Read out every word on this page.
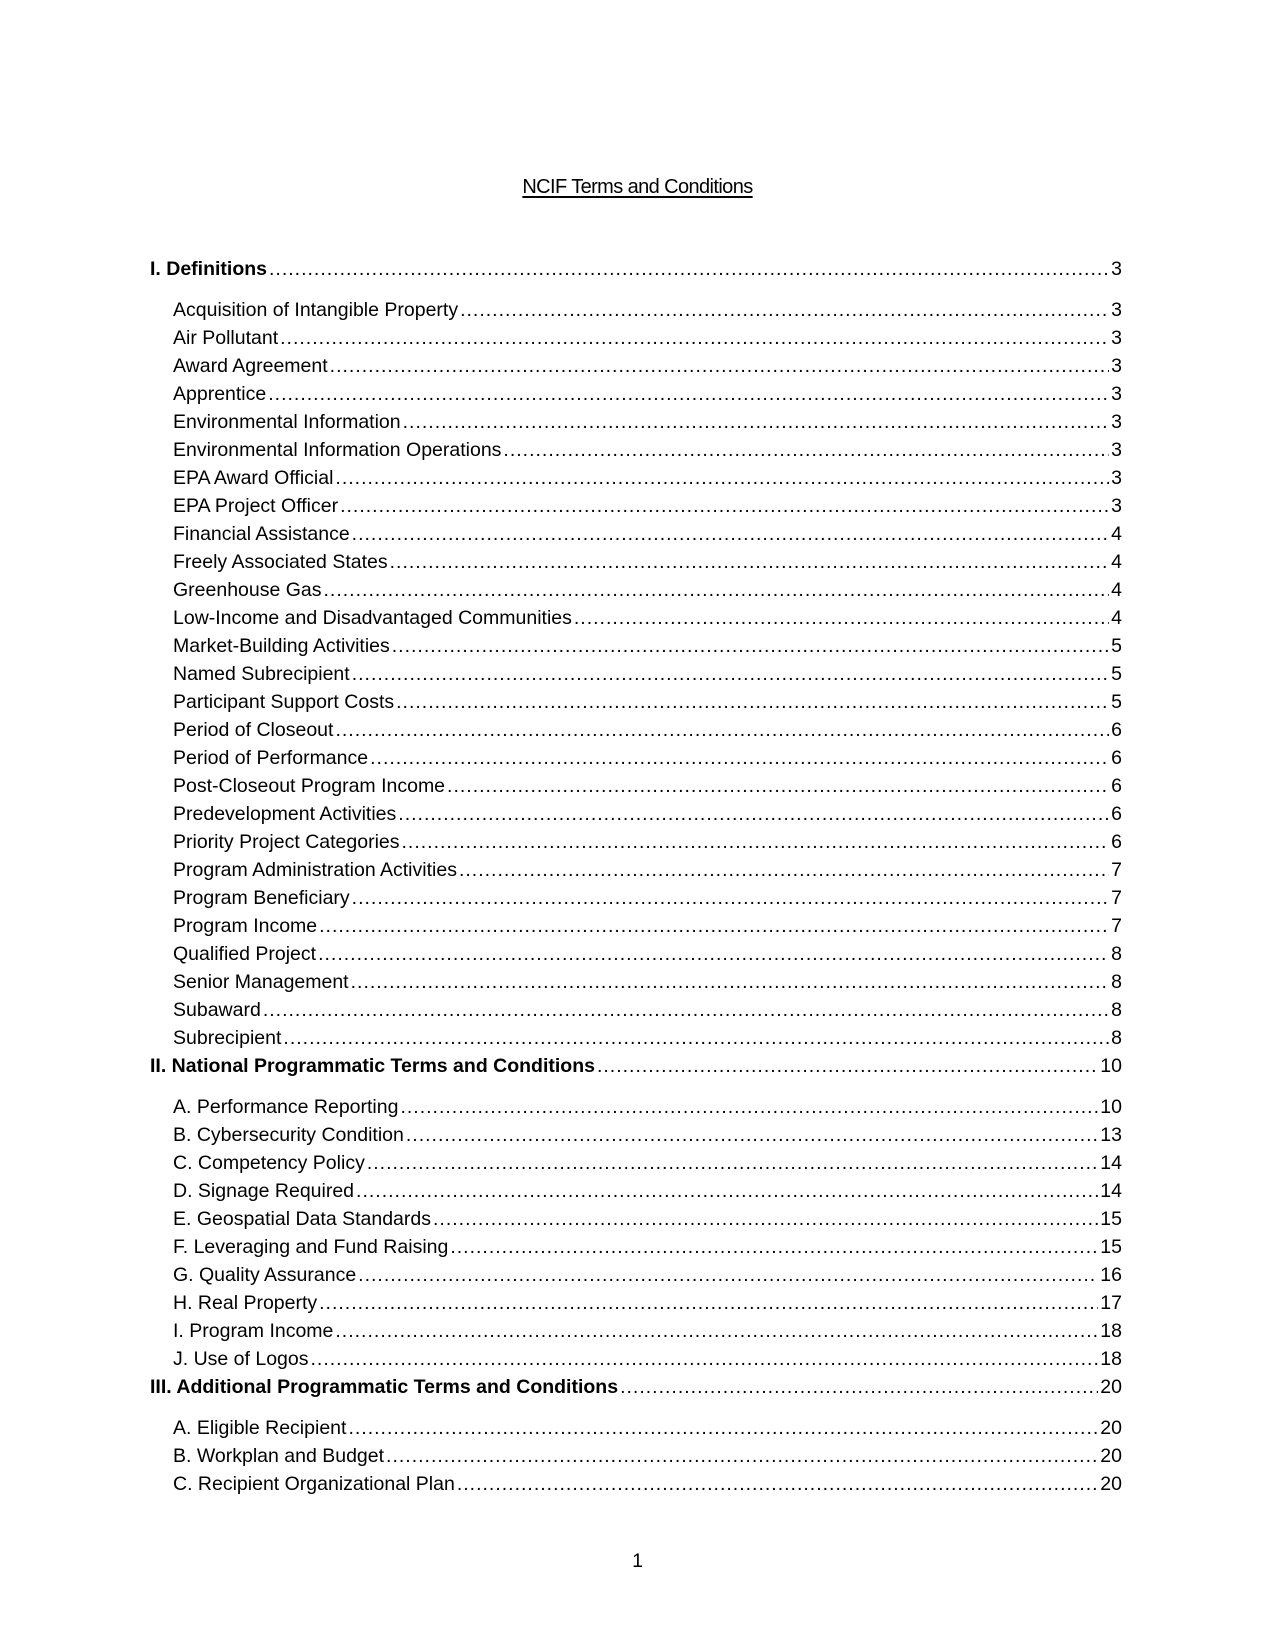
NCIF Terms and Conditions
I. Definitions .....	3
Acquisition of Intangible Property .....	3
Air Pollutant .....	3
Award Agreement .....	3
Apprentice .....	3
Environmental Information .....	3
Environmental Information Operations .....	3
EPA Award Official .....	3
EPA Project Officer .....	3
Financial Assistance .....	4
Freely Associated States .....	4
Greenhouse Gas .....	4
Low-Income and Disadvantaged Communities .....	4
Market-Building Activities .....	5
Named Subrecipient .....	5
Participant Support Costs .....	5
Period of Closeout .....	6
Period of Performance .....	6
Post-Closeout Program Income .....	6
Predevelopment Activities .....	6
Priority Project Categories .....	6
Program Administration Activities .....	7
Program Beneficiary .....	7
Program Income .....	7
Qualified Project .....	8
Senior Management .....	8
Subaward .....	8
Subrecipient .....	8
II. National Programmatic Terms and Conditions .....	10
A. Performance Reporting .....	10
B. Cybersecurity Condition .....	13
C. Competency Policy .....	14
D. Signage Required .....	14
E. Geospatial Data Standards .....	15
F. Leveraging and Fund Raising .....	15
G. Quality Assurance .....	16
H. Real Property .....	17
I. Program Income .....	18
J. Use of Logos .....	18
III. Additional Programmatic Terms and Conditions .....	20
A. Eligible Recipient .....	20
B. Workplan and Budget .....	20
C. Recipient Organizational Plan .....	20
1
